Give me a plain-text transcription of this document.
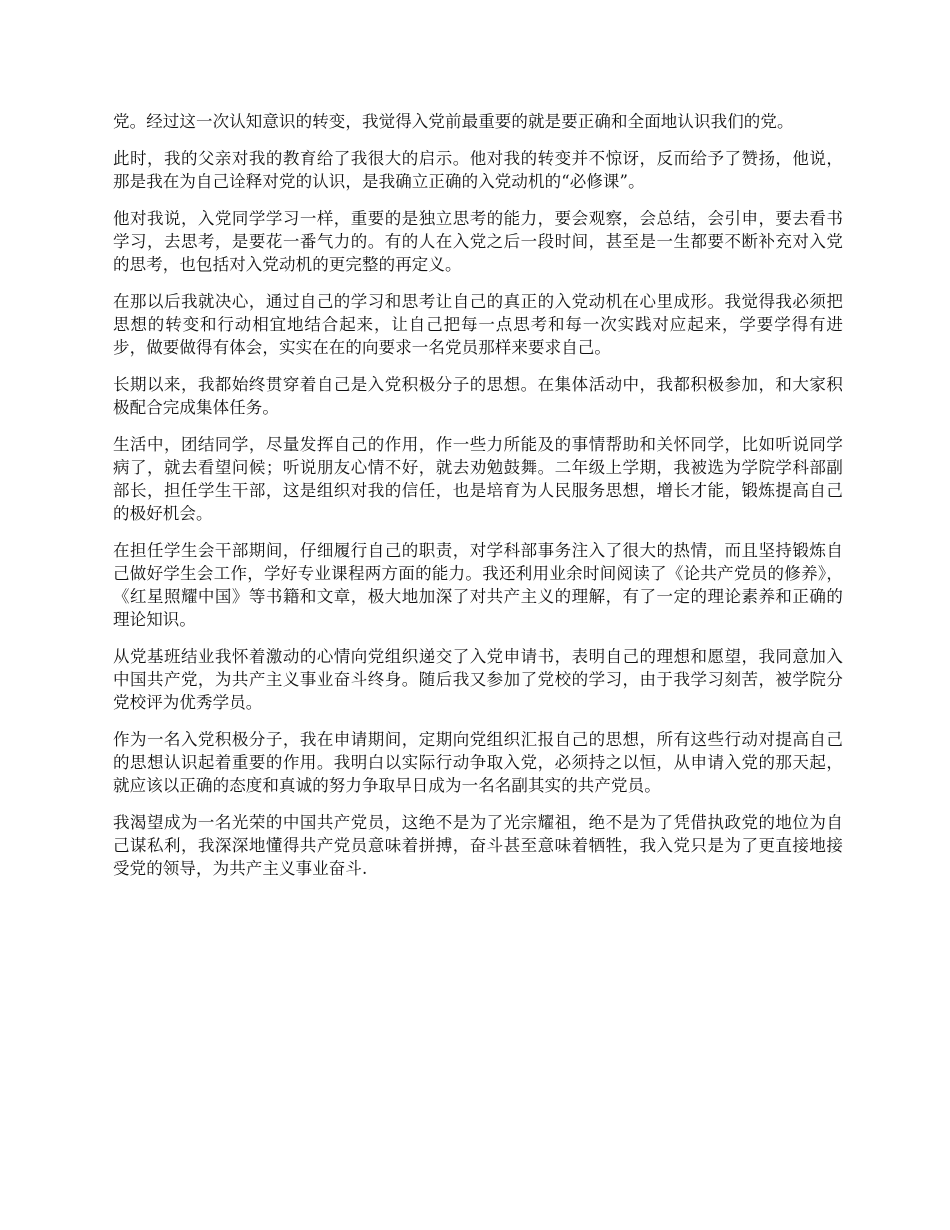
党。经过这一次认知意识的转变，我觉得入党前最重要的就是要正确和全面地认识我们的党。

此时，我的父亲对我的教育给了我很大的启示。他对我的转变并不惊讶，反而给予了赞扬，他说，那是我在为自己诠释对党的认识，是我确立正确的入党动机的“必修课”。

他对我说，入党同学学习一样，重要的是独立思考的能力，要会观察，会总结，会引申，要去看书学习，去思考，是要花一番气力的。有的人在入党之后一段时间，甚至是一生都要不断补充对入党的思考，也包括对入党动机的更完整的再定义。

在那以后我就决心，通过自己的学习和思考让自己的真正的入党动机在心里成形。我觉得我必须把思想的转变和行动相宜地结合起来，让自己把每一点思考和每一次实践对应起来，学要学得有进步，做要做得有体会，实实在在的向要求一名党员那样来要求自己。

长期以来，我都始终贯穿着自己是入党积极分子的思想。在集体活动中，我都积极参加，和大家积极配合完成集体任务。

生活中，团结同学，尽量发挥自己的作用，作一些力所能及的事情帮助和关怀同学，比如听说同学病了，就去看望问候；听说朋友心情不好，就去劝勉鼓舞。二年级上学期，我被选为学院学科部副部长，担任学生干部，这是组织对我的信任，也是培育为人民服务思想，增长才能，锻炼提高自己的极好机会。

在担任学生会干部期间，仔细履行自己的职责，对学科部事务注入了很大的热情，而且坚持锻炼自己做好学生会工作，学好专业课程两方面的能力。我还利用业余时间阅读了《论共产党员的修养》，《红星照耀中国》等书籍和文章，极大地加深了对共产主义的理解，有了一定的理论素养和正确的理论知识。

从党基班结业我怀着激动的心情向党组织递交了入党申请书，表明自己的理想和愿望，我同意加入中国共产党，为共产主义事业奋斗终身。随后我又参加了党校的学习，由于我学习刻苦，被学院分党校评为优秀学员。

作为一名入党积极分子，我在申请期间，定期向党组织汇报自己的思想，所有这些行动对提高自己的思想认识起着重要的作用。我明白以实际行动争取入党，必须持之以恒，从申请入党的那天起，就应该以正确的态度和真诚的努力争取早日成为一名名副其实的共产党员。

我渴望成为一名光荣的中国共产党员，这绝不是为了光宗耀祖，绝不是为了凭借执政党的地位为自己谋私利，我深深地懂得共产党员意味着拼搏，奋斗甚至意味着牺牲，我入党只是为了更直接地接受党的领导，为共产主义事业奋斗.
